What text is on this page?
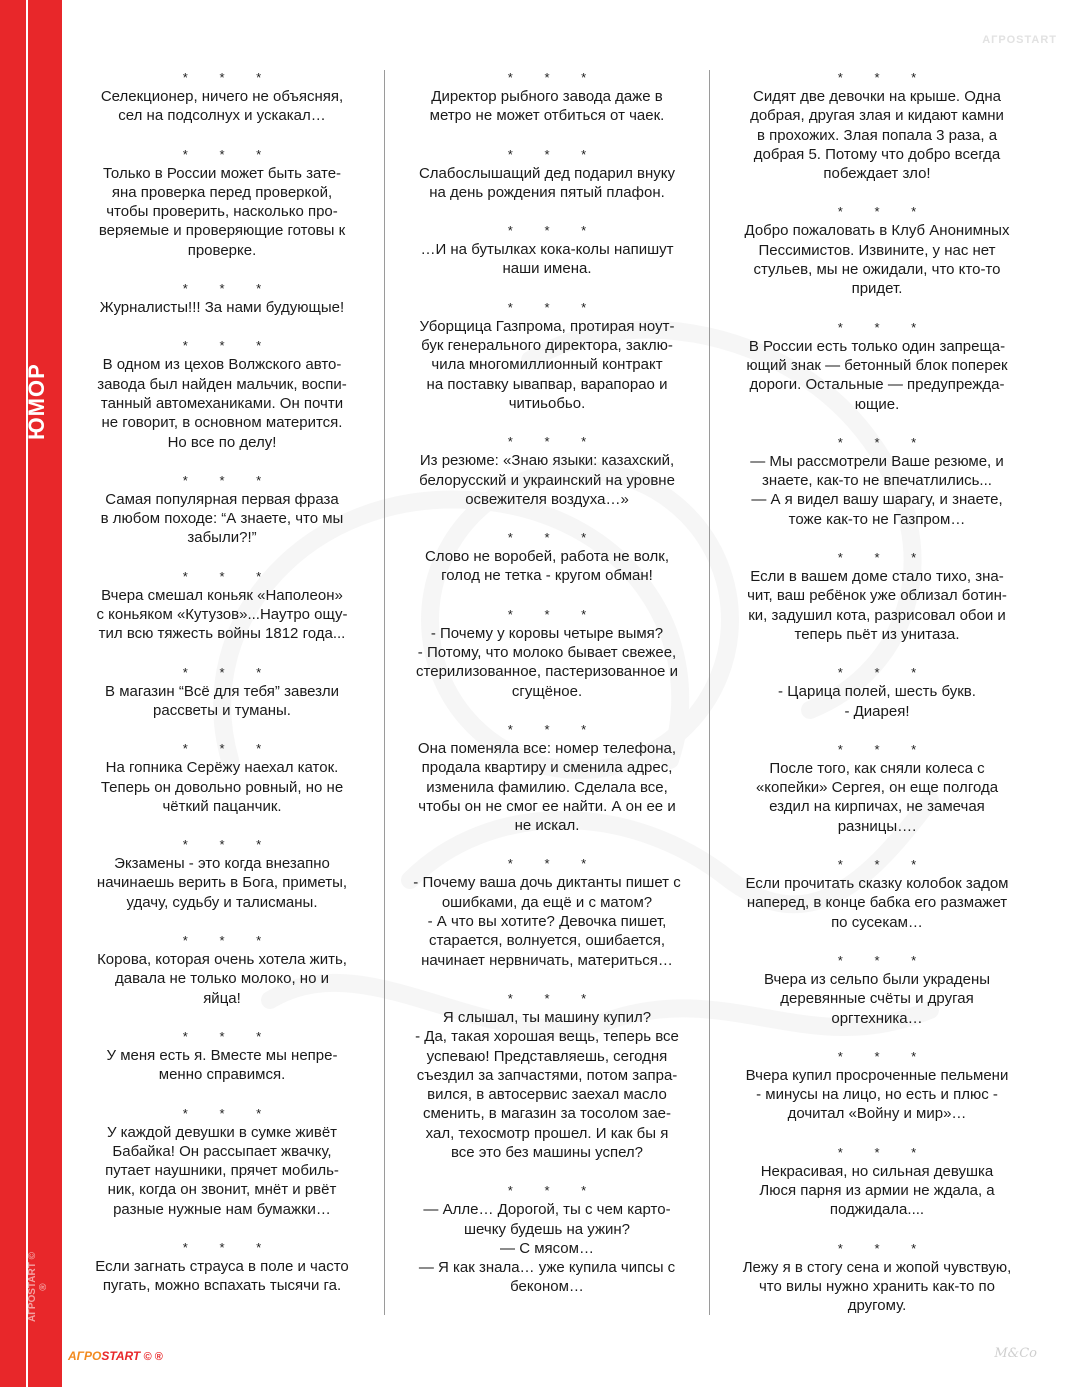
ЮМОР
АГРОSTART © ®
АГРОSTART
* * *
Селекционер, ничего не объясняя,
сел на подсолнух и ускакал…
* * *
Только в России может быть зате-
яна проверка перед проверкой,
чтобы проверить, насколько про-
веряемые и проверяющие готовы к
проверке.
* * *
Журналисты!!! За нами будующые!
* * *
В одном из цехов Волжского авто-
завода был найден мальчик, воспи-
танный автомеханиками. Он почти
не говорит, в основном матерится.
Но все по делу!
* * *
Самая популярная первая фраза
в любом походе: “А знаете, что мы
забыли?!”
* * *
Вчера смешал коньяк «Наполеон»
с коньяком «Кутузов»...Наутро ощу-
тил всю тяжесть войны 1812 года...
* * *
В магазин “Всё для тебя” завезли
рассветы и туманы.
* * *
На гопника Серёжу наехал каток.
Теперь он довольно ровный, но не
чёткий пацанчик.
* * *
Экзамены - это когда внезапно
начинаешь верить в Бога, приметы,
удачу, судьбу и талисманы.
* * *
Корова, которая очень хотела жить,
давала не только молоко, но и
яйца!
* * *
У меня есть я. Вместе мы непре-
менно справимся.
* * *
У каждой девушки в сумке живёт
Бабайка! Он рассыпает жвачку,
путает наушники, прячет мобиль-
ник, когда он звонит, мнёт и рвёт
разные нужные нам бумажки…
* * *
Если загнать страуса в поле и часто
пугать, можно вспахать тысячи га.
* * *
Директор рыбного завода даже в
метро не может отбиться от чаек.
* * *
Слабослышащий дед подарил внуку
на день рождения пятый плафон.
* * *
…И на бутылках кока-колы напишут
наши имена.
* * *
Уборщица Газпрома, протирая ноут-
бук генерального директора, заклю-
чила многомиллионный контракт
на поставку ывапвар, варапорао и
читиьобьо.
* * *
Из резюме: «Знаю языки: казахский,
белорусский и украинский на уровне
освежителя воздуха…»
* * *
Слово не воробей, работа не волк,
голод не тетка - кругом обман!
* * *
- Почему у коровы четыре вымя?
- Потому, что молоко бывает свежее,
стерилизованное, пастеризованное и
сгущёное.
* * *
Она поменяла все: номер телефона,
продала квартиру и сменила адрес,
изменила фамилию. Сделала все,
чтобы он не смог ее найти. А он ее и
не искал.
* * *
- Почему ваша дочь диктанты пишет с
ошибками, да ещё и с матом?
- А что вы хотите? Девочка пишет,
старается, волнуется, ошибается,
начинает нервничать, материться…
* * *
Я слышал, ты машину купил?
- Да, такая хорошая вещь, теперь все
успеваю! Представляешь, сегодня
съездил за запчастями, потом запра-
вился, в автосервис заехал масло
сменить, в магазин за тосолом зае-
хал, техосмотр прошел. И как бы я
все это без машины успел?
* * *
— Алле… Дорогой, ты с чем карто-
шечку будешь на ужин?
— С мясом…
— Я как знала… уже купила чипсы с
беконом…
* * *
Сидят две девочки на крыше. Одна
добрая, другая злая и кидают камни
в прохожих. Злая попала 3 раза, а
добрая 5. Потому что добро всегда
побеждает зло!
* * *
Добро пожаловать в Клуб Анонимных
Пессимистов. Извините, у нас нет
стульев, мы не ожидали, что кто-то
придет.
* * *
В России есть только один запреща-
ющий знак — бетонный блок поперек
дороги. Остальные — предупрежда-
ющие.
* * *
— Мы рассмотрели Ваше резюме, и
знаете, как-то не впечатлились...
— А я видел вашу шарагу, и знаете,
тоже как-то не Газпром…
* * *
Если в вашем доме стало тихо, зна-
чит, ваш ребёнок уже облизал ботин-
ки, задушил кота, разрисовал обои и
теперь пьёт из унитаза.
* * *
- Царица полей, шесть букв.
- Диарея!
* * *
После того, как сняли колеса с
«копейки» Сергея, он еще полгода
ездил на кирпичах, не замечая
разницы….
* * *
Если прочитать сказку колобок задом
наперед, в конце бабка его размажет
по сусекам…
* * *
Вчера из сельпо были украдены
деревянные счёты и другая
оргтехника…
* * *
Вчера купил просроченные пельмени
- минусы на лицо, но есть и плюс -
дочитал «Войну и мир»…
* * *
Некрасивая, но сильная девушка
Люся парня из армии не ждала, а
поджидала....
* * *
Лежу я в стогу сена и жопой чувствую,
что вилы нужно хранить как-то по
другому.
АГРОSTART © ®	M&Co
